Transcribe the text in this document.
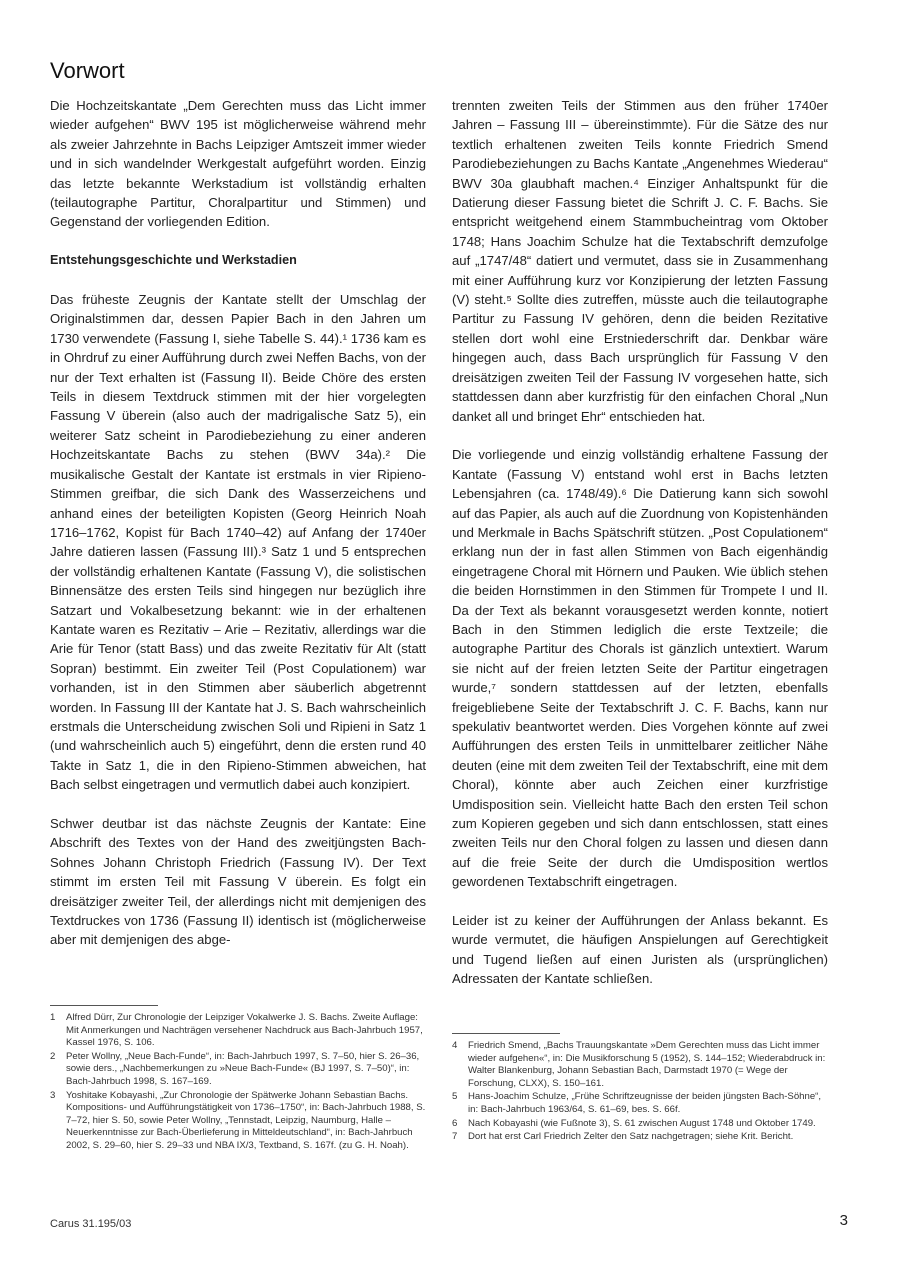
Vorwort

Die Hochzeitskantate „Dem Gerechten muss das Licht immer wieder aufgehen“ BWV 195 ist möglicherweise während mehr als zweier Jahrzehnte in Bachs Leipziger Amtszeit immer wieder und in sich wandelnder Werkgestalt aufgeführt worden. Einzig das letzte bekannte Werkstadium ist vollständig erhalten (teilautographe Partitur, Choralpartitur und Stimmen) und Gegenstand der vorliegenden Edition.

Entstehungsgeschichte und Werkstadien

Das früheste Zeugnis der Kantate stellt der Umschlag der Originalstimmen dar, dessen Papier Bach in den Jahren um 1730 verwendete (Fassung I, siehe Tabelle S. 44).¹ 1736 kam es in Ohrdruf zu einer Aufführung durch zwei Neffen Bachs, von der nur der Text erhalten ist (Fassung II). Beide Chöre des ersten Teils in diesem Textdruck stimmen mit der hier vorgelegten Fassung V überein (also auch der madrigalische Satz 5), ein weiterer Satz scheint in Parodiebeziehung zu einer anderen Hochzeitskantate Bachs zu stehen (BWV 34a).² Die musikalische Gestalt der Kantate ist erstmals in vier Ripieno-Stimmen greifbar, die sich Dank des Wasserzeichens und anhand eines der beteiligten Kopisten (Georg Heinrich Noah 1716–1762, Kopist für Bach 1740–42) auf Anfang der 1740er Jahre datieren lassen (Fassung III).³ Satz 1 und 5 entsprechen der vollständig erhaltenen Kantate (Fassung V), die solistischen Binnensätze des ersten Teils sind hingegen nur bezüglich ihre Satzart und Vokalbesetzung bekannt: wie in der erhaltenen Kantate waren es Rezitativ – Arie – Rezitativ, allerdings war die Arie für Tenor (statt Bass) und das zweite Rezitativ für Alt (statt Sopran) bestimmt. Ein zweiter Teil (Post Copulationem) war vorhanden, ist in den Stimmen aber säuberlich abgetrennt worden. In Fassung III der Kantate hat J. S. Bach wahrscheinlich erstmals die Unterscheidung zwischen Soli und Ripieni in Satz 1 (und wahrscheinlich auch 5) eingeführt, denn die ersten rund 40 Takte in Satz 1, die in den Ripieno-Stimmen abweichen, hat Bach selbst eingetragen und vermutlich dabei auch konzipiert.

Schwer deutbar ist das nächste Zeugnis der Kantate: Eine Abschrift des Textes von der Hand des zweitjüngsten Bach-Sohnes Johann Christoph Friedrich (Fassung IV). Der Text stimmt im ersten Teil mit Fassung V überein. Es folgt ein dreisätziger zweiter Teil, der allerdings nicht mit demjenigen des Textdruckes von 1736 (Fassung II) identisch ist (möglicherweise aber mit demjenigen des abge-

trennten zweiten Teils der Stimmen aus den früher 1740er Jahren – Fassung III – übereinstimmte). Für die Sätze des nur textlich erhaltenen zweiten Teils konnte Friedrich Smend Parodiebeziehungen zu Bachs Kantate „Angenehmes Wiederau“ BWV 30a glaubhaft machen.⁴ Einziger Anhaltspunkt für die Datierung dieser Fassung bietet die Schrift J. C. F. Bachs. Sie entspricht weitgehend einem Stammbucheintrag vom Oktober 1748; Hans Joachim Schulze hat die Textabschrift demzufolge auf „1747/48“ datiert und vermutet, dass sie in Zusammenhang mit einer Aufführung kurz vor Konzipierung der letzten Fassung (V) steht.⁵ Sollte dies zutreffen, müsste auch die teilautographe Partitur zu Fassung IV gehören, denn die beiden Rezitative stellen dort wohl eine Erstniederschrift dar. Denkbar wäre hingegen auch, dass Bach ursprünglich für Fassung V den dreisätzigen zweiten Teil der Fassung IV vorgesehen hatte, sich stattdessen dann aber kurzfristig für den einfachen Choral „Nun danket all und bringet Ehr“ entschieden hat.

Die vorliegende und einzig vollständig erhaltene Fassung der Kantate (Fassung V) entstand wohl erst in Bachs letzten Lebensjahren (ca. 1748/49).⁶ Die Datierung kann sich sowohl auf das Papier, als auch auf die Zuordnung von Kopistenhänden und Merkmale in Bachs Spätschrift stützen. „Post Copulationem“ erklang nun der in fast allen Stimmen von Bach eigenhändig eingetragene Choral mit Hörnern und Pauken. Wie üblich stehen die beiden Hornstimmen in den Stimmen für Trompete I und II. Da der Text als bekannt vorausgesetzt werden konnte, notiert Bach in den Stimmen lediglich die erste Textzeile; die autographe Partitur des Chorals ist gänzlich untextiert. Warum sie nicht auf der freien letzten Seite der Partitur eingetragen wurde,⁷ sondern stattdessen auf der letzten, ebenfalls freigebliebene Seite der Textabschrift J. C. F. Bachs, kann nur spekulativ beantwortet werden. Dies Vorgehen könnte auf zwei Aufführungen des ersten Teils in unmittelbarer zeitlicher Nähe deuten (eine mit dem zweiten Teil der Textabschrift, eine mit dem Choral), könnte aber auch Zeichen einer kurzfristige Umdisposition sein. Vielleicht hatte Bach den ersten Teil schon zum Kopieren gegeben und sich dann entschlossen, statt eines zweiten Teils nur den Choral folgen zu lassen und diesen dann auf die freie Seite der durch die Umdisposition wertlos gewordenen Textabschrift eingetragen.

Leider ist zu keiner der Aufführungen der Anlass bekannt. Es wurde vermutet, die häufigen Anspielungen auf Gerechtigkeit und Tugend ließen auf einen Juristen als (ursprünglichen) Adressaten der Kantate schließen.

1 Alfred Dürr, Zur Chronologie der Leipziger Vokalwerke J. S. Bachs. Zweite Auflage: Mit Anmerkungen und Nachträgen versehener Nachdruck aus Bach-Jahrbuch 1957, Kassel 1976, S. 106.
2 Peter Wollny, „Neue Bach-Funde“, in: Bach-Jahrbuch 1997, S. 7–50, hier S. 26–36, sowie ders., „Nachbemerkungen zu »Neue Bach-Funde« (BJ 1997, S. 7–50)“, in: Bach-Jahrbuch 1998, S. 167–169.
3 Yoshitake Kobayashi, „Zur Chronologie der Spätwerke Johann Sebastian Bachs. Kompositions- und Aufführungstätigkeit von 1736–1750“, in: Bach-Jahrbuch 1988, S. 7–72, hier S. 50, sowie Peter Wollny, „Tennstadt, Leipzig, Naumburg, Halle – Neuerkenntnisse zur Bach-Überlieferung in Mitteldeutschland“, in: Bach-Jahrbuch 2002, S. 29–60, hier S. 29–33 und NBA IX/3, Textband, S. 167f. (zu G. H. Noah).
4 Friedrich Smend, „Bachs Trauungskantate »Dem Gerechten muss das Licht immer wieder aufgehen«“, in: Die Musikforschung 5 (1952), S. 144–152; Wiederabdruck in: Walter Blankenburg, Johann Sebastian Bach, Darmstadt 1970 (= Wege der Forschung, CLXX), S. 150–161.
5 Hans-Joachim Schulze, „Frühe Schriftzeugnisse der beiden jüngsten Bach-Söhne“, in: Bach-Jahrbuch 1963/64, S. 61–69, bes. S. 66f.
6 Nach Kobayashi (wie Fußnote 3), S. 61 zwischen August 1748 und Oktober 1749.
7 Dort hat erst Carl Friedrich Zelter den Satz nachgetragen; siehe Krit. Bericht.
Carus 31.195/03	3
